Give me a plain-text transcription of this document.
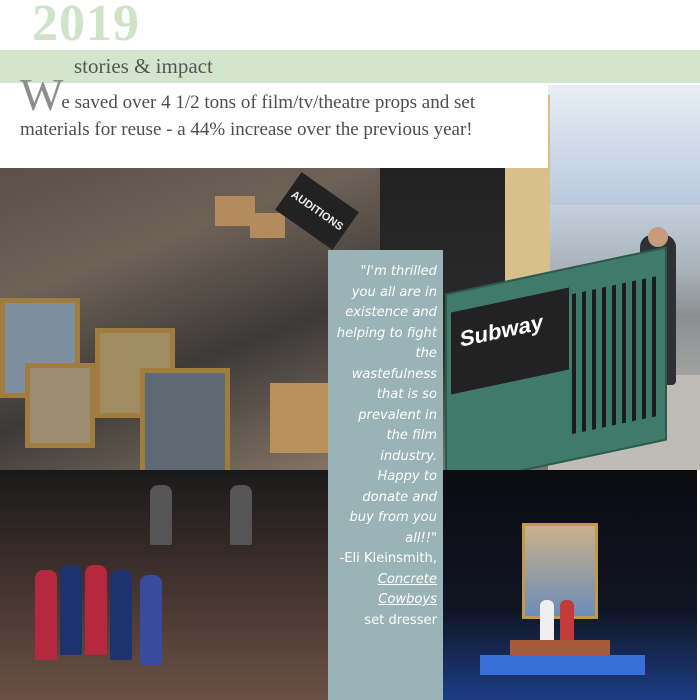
2019
stories & impact
AUDITIONS
Subway
We saved over 4 1/2 tons of film/tv/theatre props and set materials for reuse - a 44% increase over the previous year!
"I'm thrilled you all are in existence and helping to fight the wastefulness that is so prevalent in the film industry. Happy to donate and buy from you all!!"
-Eli Kleinsmith,
Concrete Cowboys
set dresser
